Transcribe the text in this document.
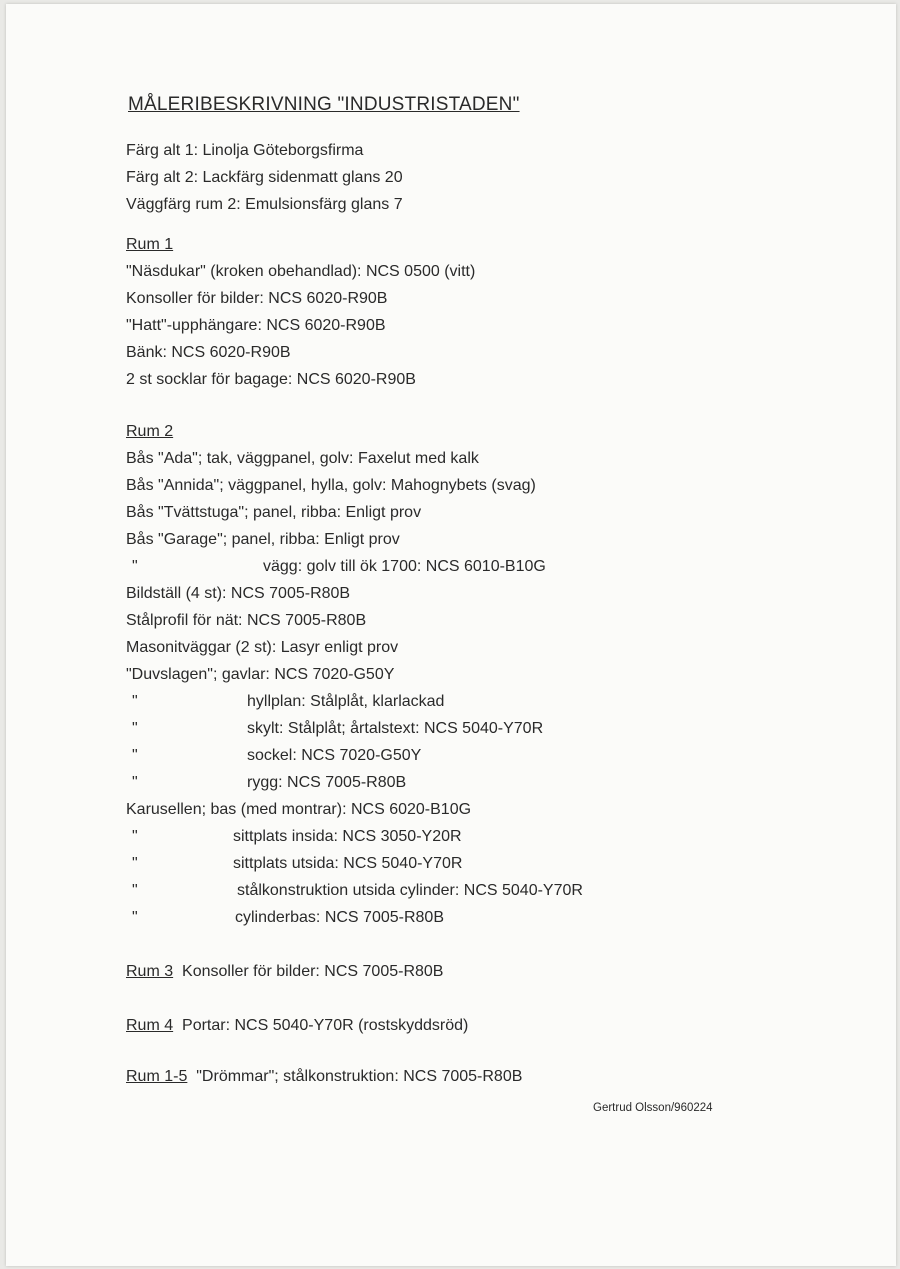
MÅLERIBESKRIVNING "INDUSTRISTADEN"
Färg alt 1: Linolja Göteborgsfirma
Färg alt 2: Lackfärg sidenmatt glans 20
Väggfärg rum 2: Emulsionsfärg glans 7
Rum 1
"Näsdukar" (kroken obehandlad): NCS 0500 (vitt)
Konsoller för bilder: NCS 6020-R90B
"Hatt"-upphängare: NCS 6020-R90B
Bänk: NCS 6020-R90B
2 st socklar för bagage: NCS 6020-R90B
Rum 2
Bås "Ada"; tak, väggpanel, golv: Faxelut med kalk
Bås "Annida"; väggpanel, hylla, golv: Mahognybets (svag)
Bås "Tvättstuga"; panel, ribba: Enligt prov
Bås "Garage"; panel, ribba: Enligt prov
"	vägg: golv till ök 1700: NCS 6010-B10G
Bildställ (4 st): NCS 7005-R80B
Stålprofil för nät: NCS 7005-R80B
Masonitväggar (2 st): Lasyr enligt prov
"Duvslagen"; gavlar: NCS 7020-G50Y
"	hyllplan: Stålplåt, klarlackad
"	skylt: Stålplåt; årtalstext: NCS 5040-Y70R
"	sockel: NCS 7020-G50Y
"	rygg: NCS 7005-R80B
Karusellen; bas (med montrar): NCS 6020-B10G
"	sittplats insida: NCS 3050-Y20R
"	sittplats utsida: NCS 5040-Y70R
"	stålkonstruktion utsida cylinder: NCS 5040-Y70R
"	cylinderbas: NCS 7005-R80B
Rum 3 Konsoller för bilder: NCS 7005-R80B
Rum 4 Portar: NCS 5040-Y70R (rostskyddsröd)
Rum 1-5 "Drömmar"; stålkonstruktion: NCS 7005-R80B
Gertrud Olsson/960224
